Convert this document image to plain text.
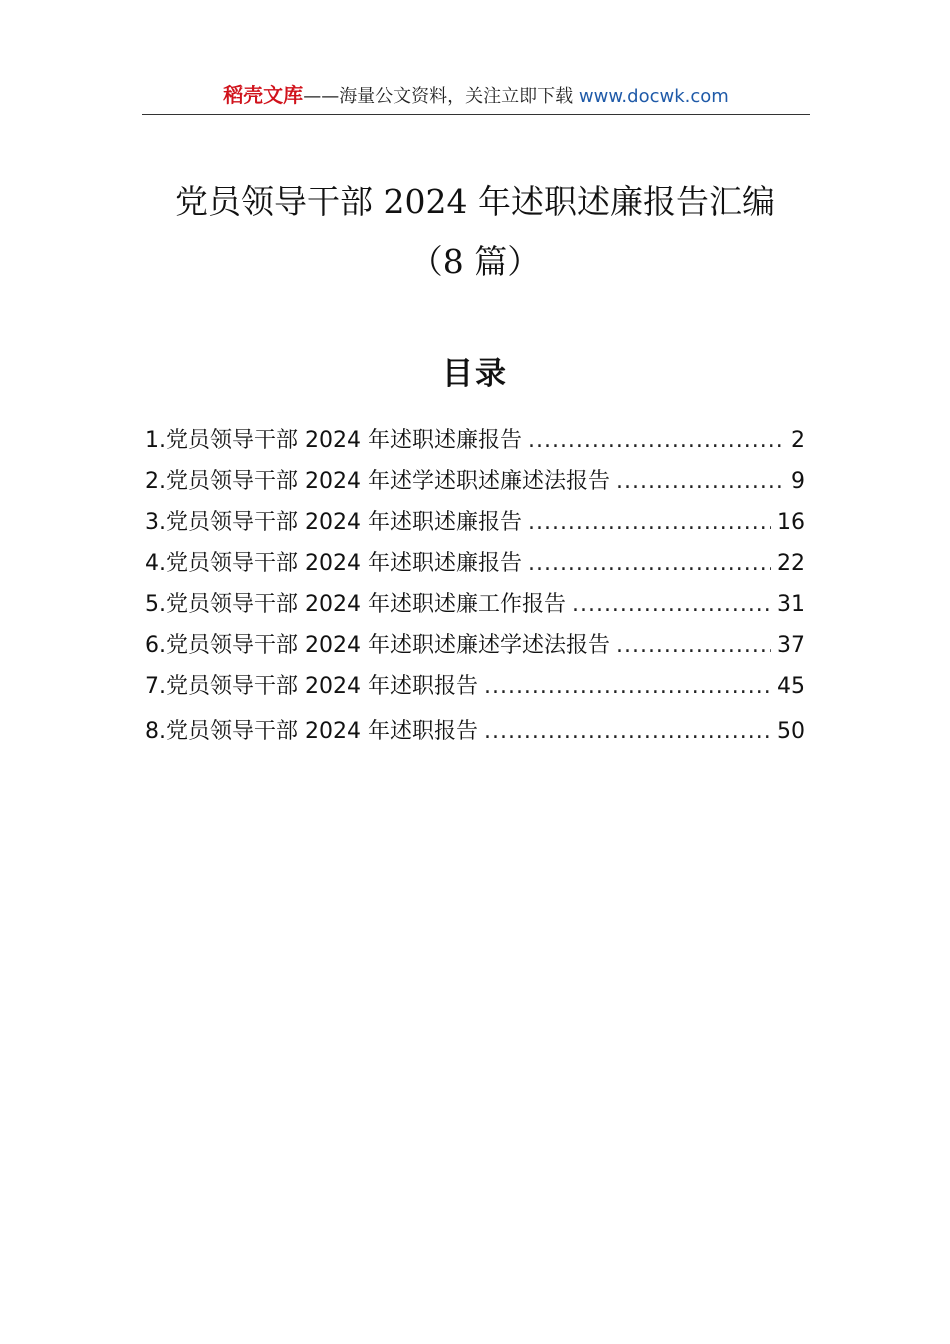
稻壳文库——海量公文资料，关注立即下载 www.docwk.com
党员领导干部 2024 年述职述廉报告汇编
（8 篇）
目录
1.党员领导干部 2024 年述职述廉报告 .....	2
2.党员领导干部 2024 年述学述职述廉述法报告 .....	9
3.党员领导干部 2024 年述职述廉报告 .....	16
4.党员领导干部 2024 年述职述廉报告 .....	22
5.党员领导干部 2024 年述职述廉工作报告 .....	31
6.党员领导干部 2024 年述职述廉述学述法报告 .....	37
7.党员领导干部 2024 年述职报告 .....	45
8.党员领导干部 2024 年述职报告 .....	50
